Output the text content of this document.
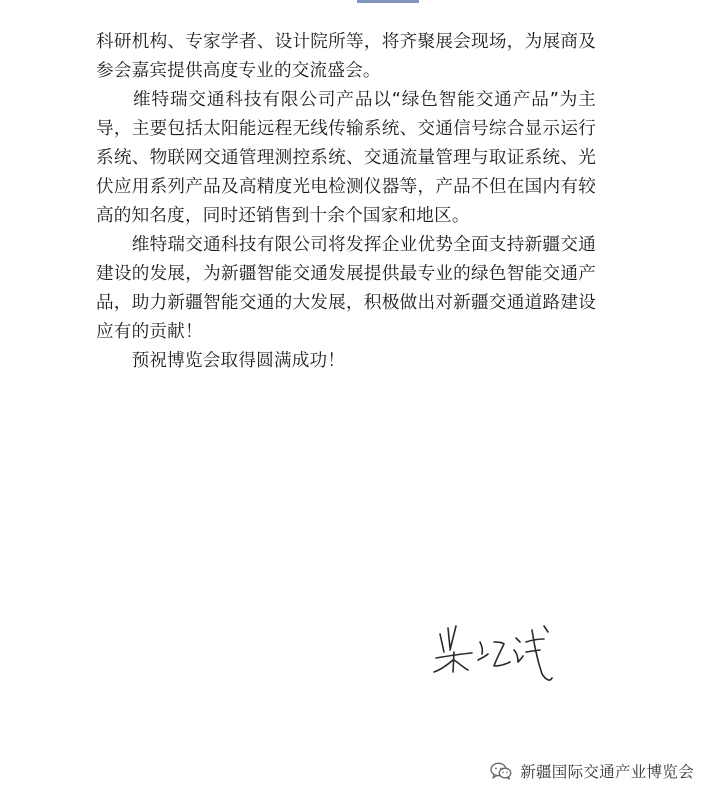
科研机构、专家学者、设计院所等，将齐聚展会现场，为展商及参会嘉宾提供高度专业的交流盛会。

　　维特瑞交通科技有限公司产品以“绿色智能交通产品”为主导，主要包括太阳能远程无线传输系统、交通信号综合显示运行系统、物联网交通管理测控系统、交通流量管理与取证系统、光伏应用系列产品及高精度光电检测仪器等，产品不但在国内有较高的知名度，同时还销售到十余个国家和地区。

　　维特瑞交通科技有限公司将发挥企业优势全面支持新疆交通建设的发展，为新疆智能交通发展提供最专业的绿色智能交通产品，助力新疆智能交通的大发展，积极做出对新疆交通道路建设应有的贡献！

　　预祝博览会取得圆满成功！

新疆国际交通产业博览会
